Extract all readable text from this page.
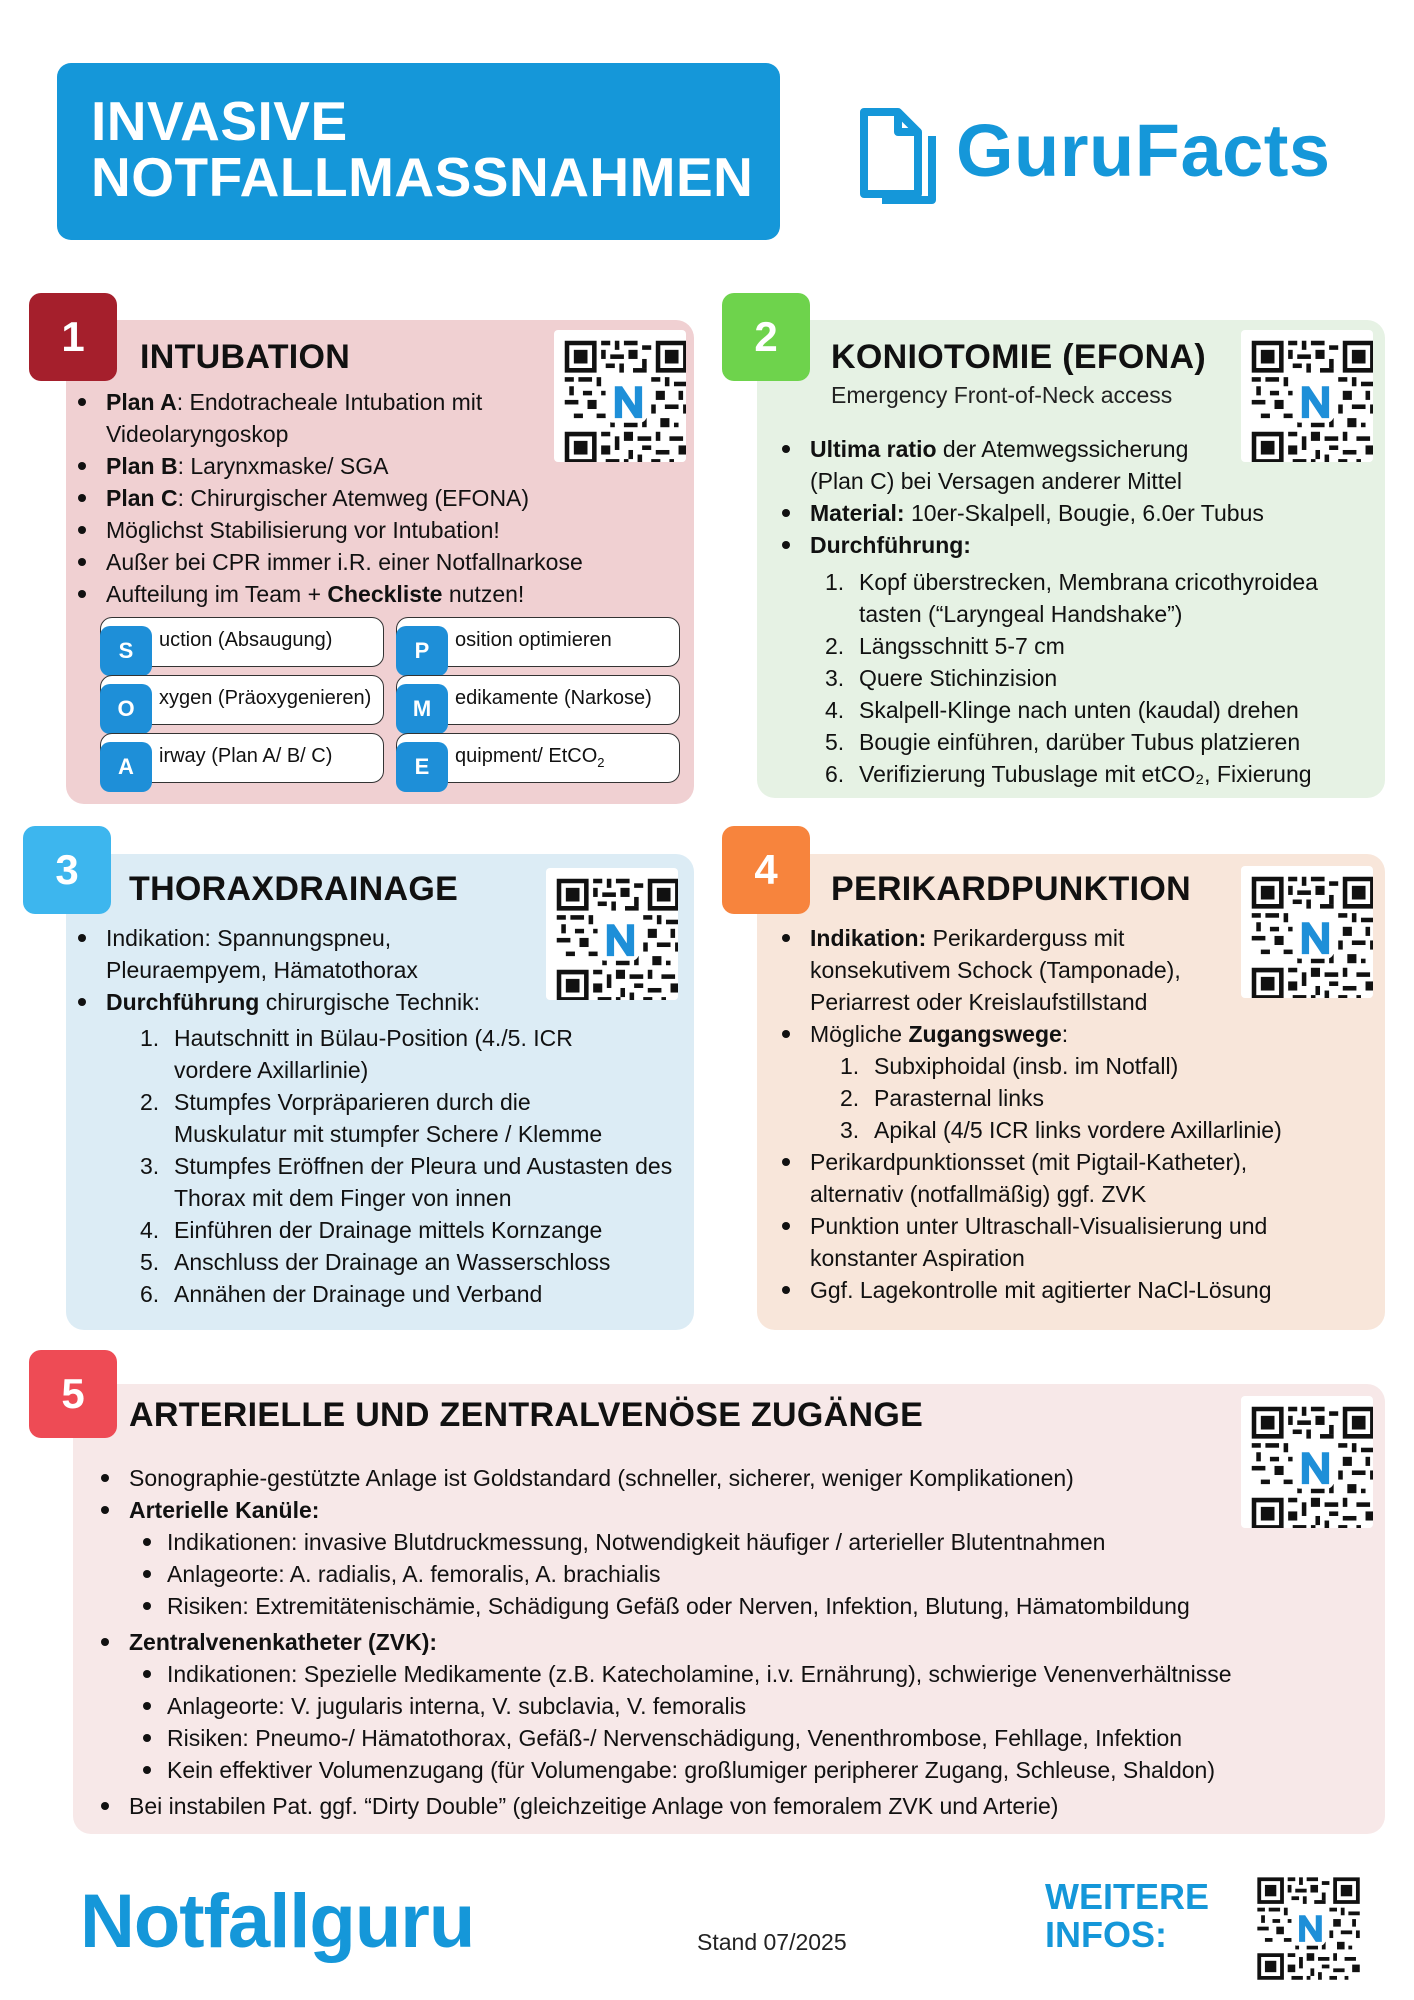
INVASIVE
NOTFALLMASSNAHMEN	GuruFacts
INTUBATION
Plan A: Endotracheale Intubation mit Videolaryngoskop
Plan B: Larynxmaske/ SGA
Plan C: Chirurgischer Atemweg (EFONA)
Möglichst Stabilisierung vor Intubation!
Außer bei CPR immer i.R. einer Notfallnarkose
Aufteilung im Team + Checkliste nutzen!
S	uction (Absaugung)	P	osition optimieren
O	xygen (Präoxygenieren)	M	edikamente (Narkose)
A	irway (Plan A/ B/ C)	E	quipment/ EtCO$_2$
1	KONIOTOMIE (EFONA)
Emergency Front-of-Neck access
Ultima ratio der Atemwegssicherung (Plan C) bei Versagen anderer Mittel
Material: 10er-Skalpell, Bougie, 6.0er Tubus
Durchführung:
1. Kopf überstrecken, Membrana cricothyroidea tasten (“Laryngeal Handshake”)
2. Längsschnitt 5-7 cm
3. Quere Stichinzision
4. Skalpell-Klinge nach unten (kaudal) drehen
5. Bougie einführen, darüber Tubus platzieren
6. Verifizierung Tubuslage mit etCO₂, Fixierung
2
THORAXDRAINAGE
Indikation: Spannungspneu, Pleuraempyem, Hämatothorax
Durchführung chirurgische Technik:
1. Hautschnitt in Bülau-Position (4./5. ICR vordere Axillarlinie)
2. Stumpfes Vorpräparieren durch die Muskulatur mit stumpfer Schere / Klemme
3. Stumpfes Eröffnen der Pleura und Austasten des Thorax mit dem Finger von innen
4. Einführen der Drainage mittels Kornzange
5. Anschluss der Drainage an Wasserschloss
6. Annähen der Drainage und Verband
3	PERIKARDPUNKTION
Indikation: Perikarderguss mit konsekutivem Schock (Tamponade), Periarrest oder Kreislaufstillstand
Mögliche Zugangswege:
1. Subxiphoidal (insb. im Notfall)
2. Parasternal links
3. Apikal (4/5 ICR links vordere Axillarlinie)
Perikardpunktionsset (mit Pigtail-Katheter), alternativ (notfallmäßig) ggf. ZVK
Punktion unter Ultraschall-Visualisierung und konstanter Aspiration
Ggf. Lagekontrolle mit agitierter NaCl-Lösung
4
ARTERIELLE UND ZENTRALVENÖSE ZUGÄNGE
Sonographie-gestützte Anlage ist Goldstandard (schneller, sicherer, weniger Komplikationen)
Arterielle Kanüle:
Indikationen: invasive Blutdruckmessung, Notwendigkeit häufiger / arterieller Blutentnahmen
Anlageorte: A. radialis, A. femoralis, A. brachialis
Risiken: Extremitätenischämie, Schädigung Gefäß oder Nerven, Infektion, Blutung, Hämatombildung
Zentralvenenkatheter (ZVK):
Indikationen: Spezielle Medikamente (z.B. Katecholamine, i.v. Ernährung), schwierige Venenverhältnisse
Anlageorte: V. jugularis interna, V. subclavia, V. femoralis
Risiken: Pneumo-/ Hämatothorax, Gefäß-/ Nervenschädigung, Venenthrombose, Fehllage, Infektion
Kein effektiver Volumenzugang (für Volumengabe: großlumiger peripherer Zugang, Schleuse, Shaldon)
Bei instabilen Pat. ggf. “Dirty Double” (gleichzeitige Anlage von femoralem ZVK und Arterie)
5
Notfallguru	Stand 07/2025
WEITERE
INFOS:
